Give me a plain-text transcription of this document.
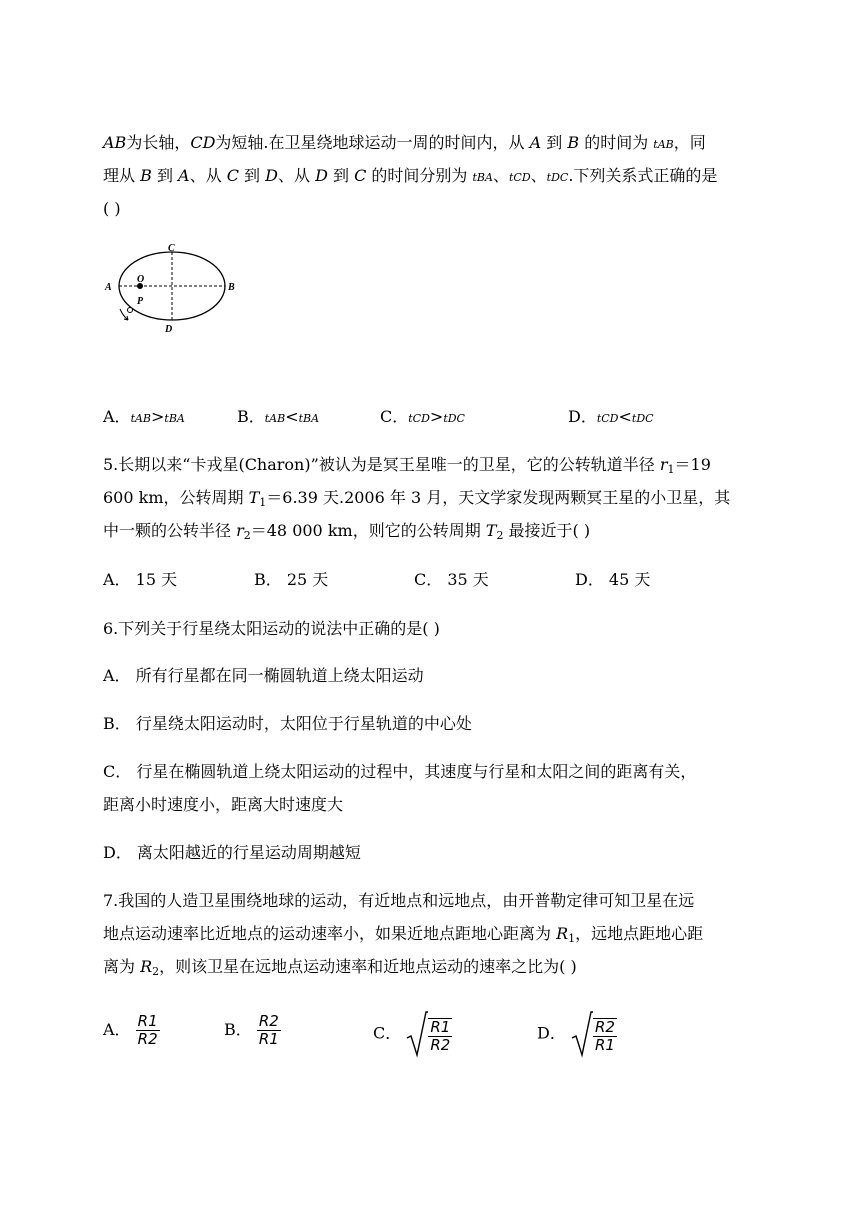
AB为长轴，CD为短轴.在卫星绕地球运动一周的时间内，从 A 到 B 的时间为 tAB，同
理从 B 到 A、从 C 到 D、从 D 到 C 的时间分别为 tBA、tCD、tDC.下列关系式正确的是
( )
C
O
A	B
P
D
A．tAB>tBA	B．tAB<tBA	C．tCD>tDC	D．tCD<tDC
5.长期以来“卡戎星(Charon)”被认为是冥王星唯一的卫星，它的公转轨道半径 $r_1=19$
600 km，公转周期 $T_1=6.39$ 天.2006 年 3 月，天文学家发现两颗冥王星的小卫星，其
中一颗的公转半径 $r_2=48$ 000 km，则它的公转周期 $T_2$ 最接近于( )
A． 15 天	B． 25 天	C． 35 天	D． 45 天
6.下列关于行星绕太阳运动的说法中正确的是( )
A． 所有行星都在同一椭圆轨道上绕太阳运动
B． 行星绕太阳运动时，太阳位于行星轨道的中心处
C． 行星在椭圆轨道上绕太阳运动的过程中，其速度与行星和太阳之间的距离有关，
距离小时速度小，距离大时速度大
D． 离太阳越近的行星运动周期越短
7.我国的人造卫星围绕地球的运动，有近地点和远地点，由开普勒定律可知卫星在远
地点运动速率比近地点的运动速率小，如果近地点距地心距离为 $R_1$，远地点距地心距
离为 $R_2$，则该卫星在远地点运动速率和近地点运动的速率之比为( )
A． $\frac{R1}{R2}$	B． $\frac{R2}{R1}$	C． $\frac{R1}{R2}$	D． $\frac{R2}{R1}$
